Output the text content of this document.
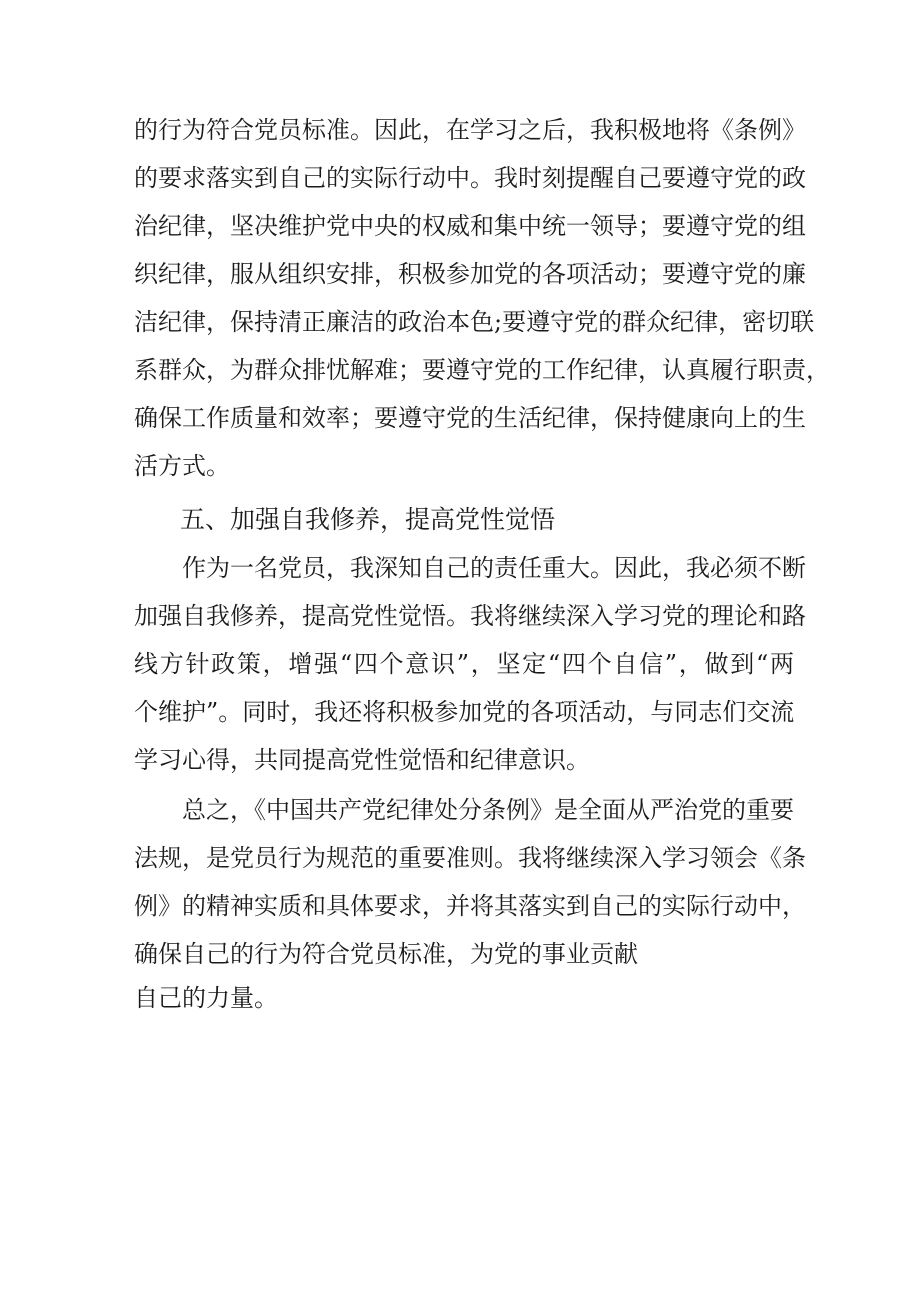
的行为符合党员标准。因此，在学习之后，我积极地将《条例》
的要求落实到自己的实际行动中。我时刻提醒自己要遵守党的政
治纪律，坚决维护党中央的权威和集中统一领导；要遵守党的组
织纪律，服从组织安排，积极参加党的各项活动；要遵守党的廉
洁纪律，保持清正廉洁的政治本色;要遵守党的群众纪律，密切联
系群众，为群众排忧解难；要遵守党的工作纪律，认真履行职责，
确保工作质量和效率；要遵守党的生活纪律，保持健康向上的生
活方式。
五、加强自我修养，提高党性觉悟
作为一名党员，我深知自己的责任重大。因此，我必须不断
加强自我修养，提高党性觉悟。我将继续深入学习党的理论和路
线方针政策，增强“四个意识”，坚定“四个自信”，做到“两
个维护”。同时，我还将积极参加党的各项活动，与同志们交流
学习心得，共同提高党性觉悟和纪律意识。
总之，《中国共产党纪律处分条例》是全面从严治党的重要
法规，是党员行为规范的重要准则。我将继续深入学习领会《条
例》的精神实质和具体要求，并将其落实到自己的实际行动中，
确保自己的行为符合党员标准，为党的事业贡献
自己的力量。
